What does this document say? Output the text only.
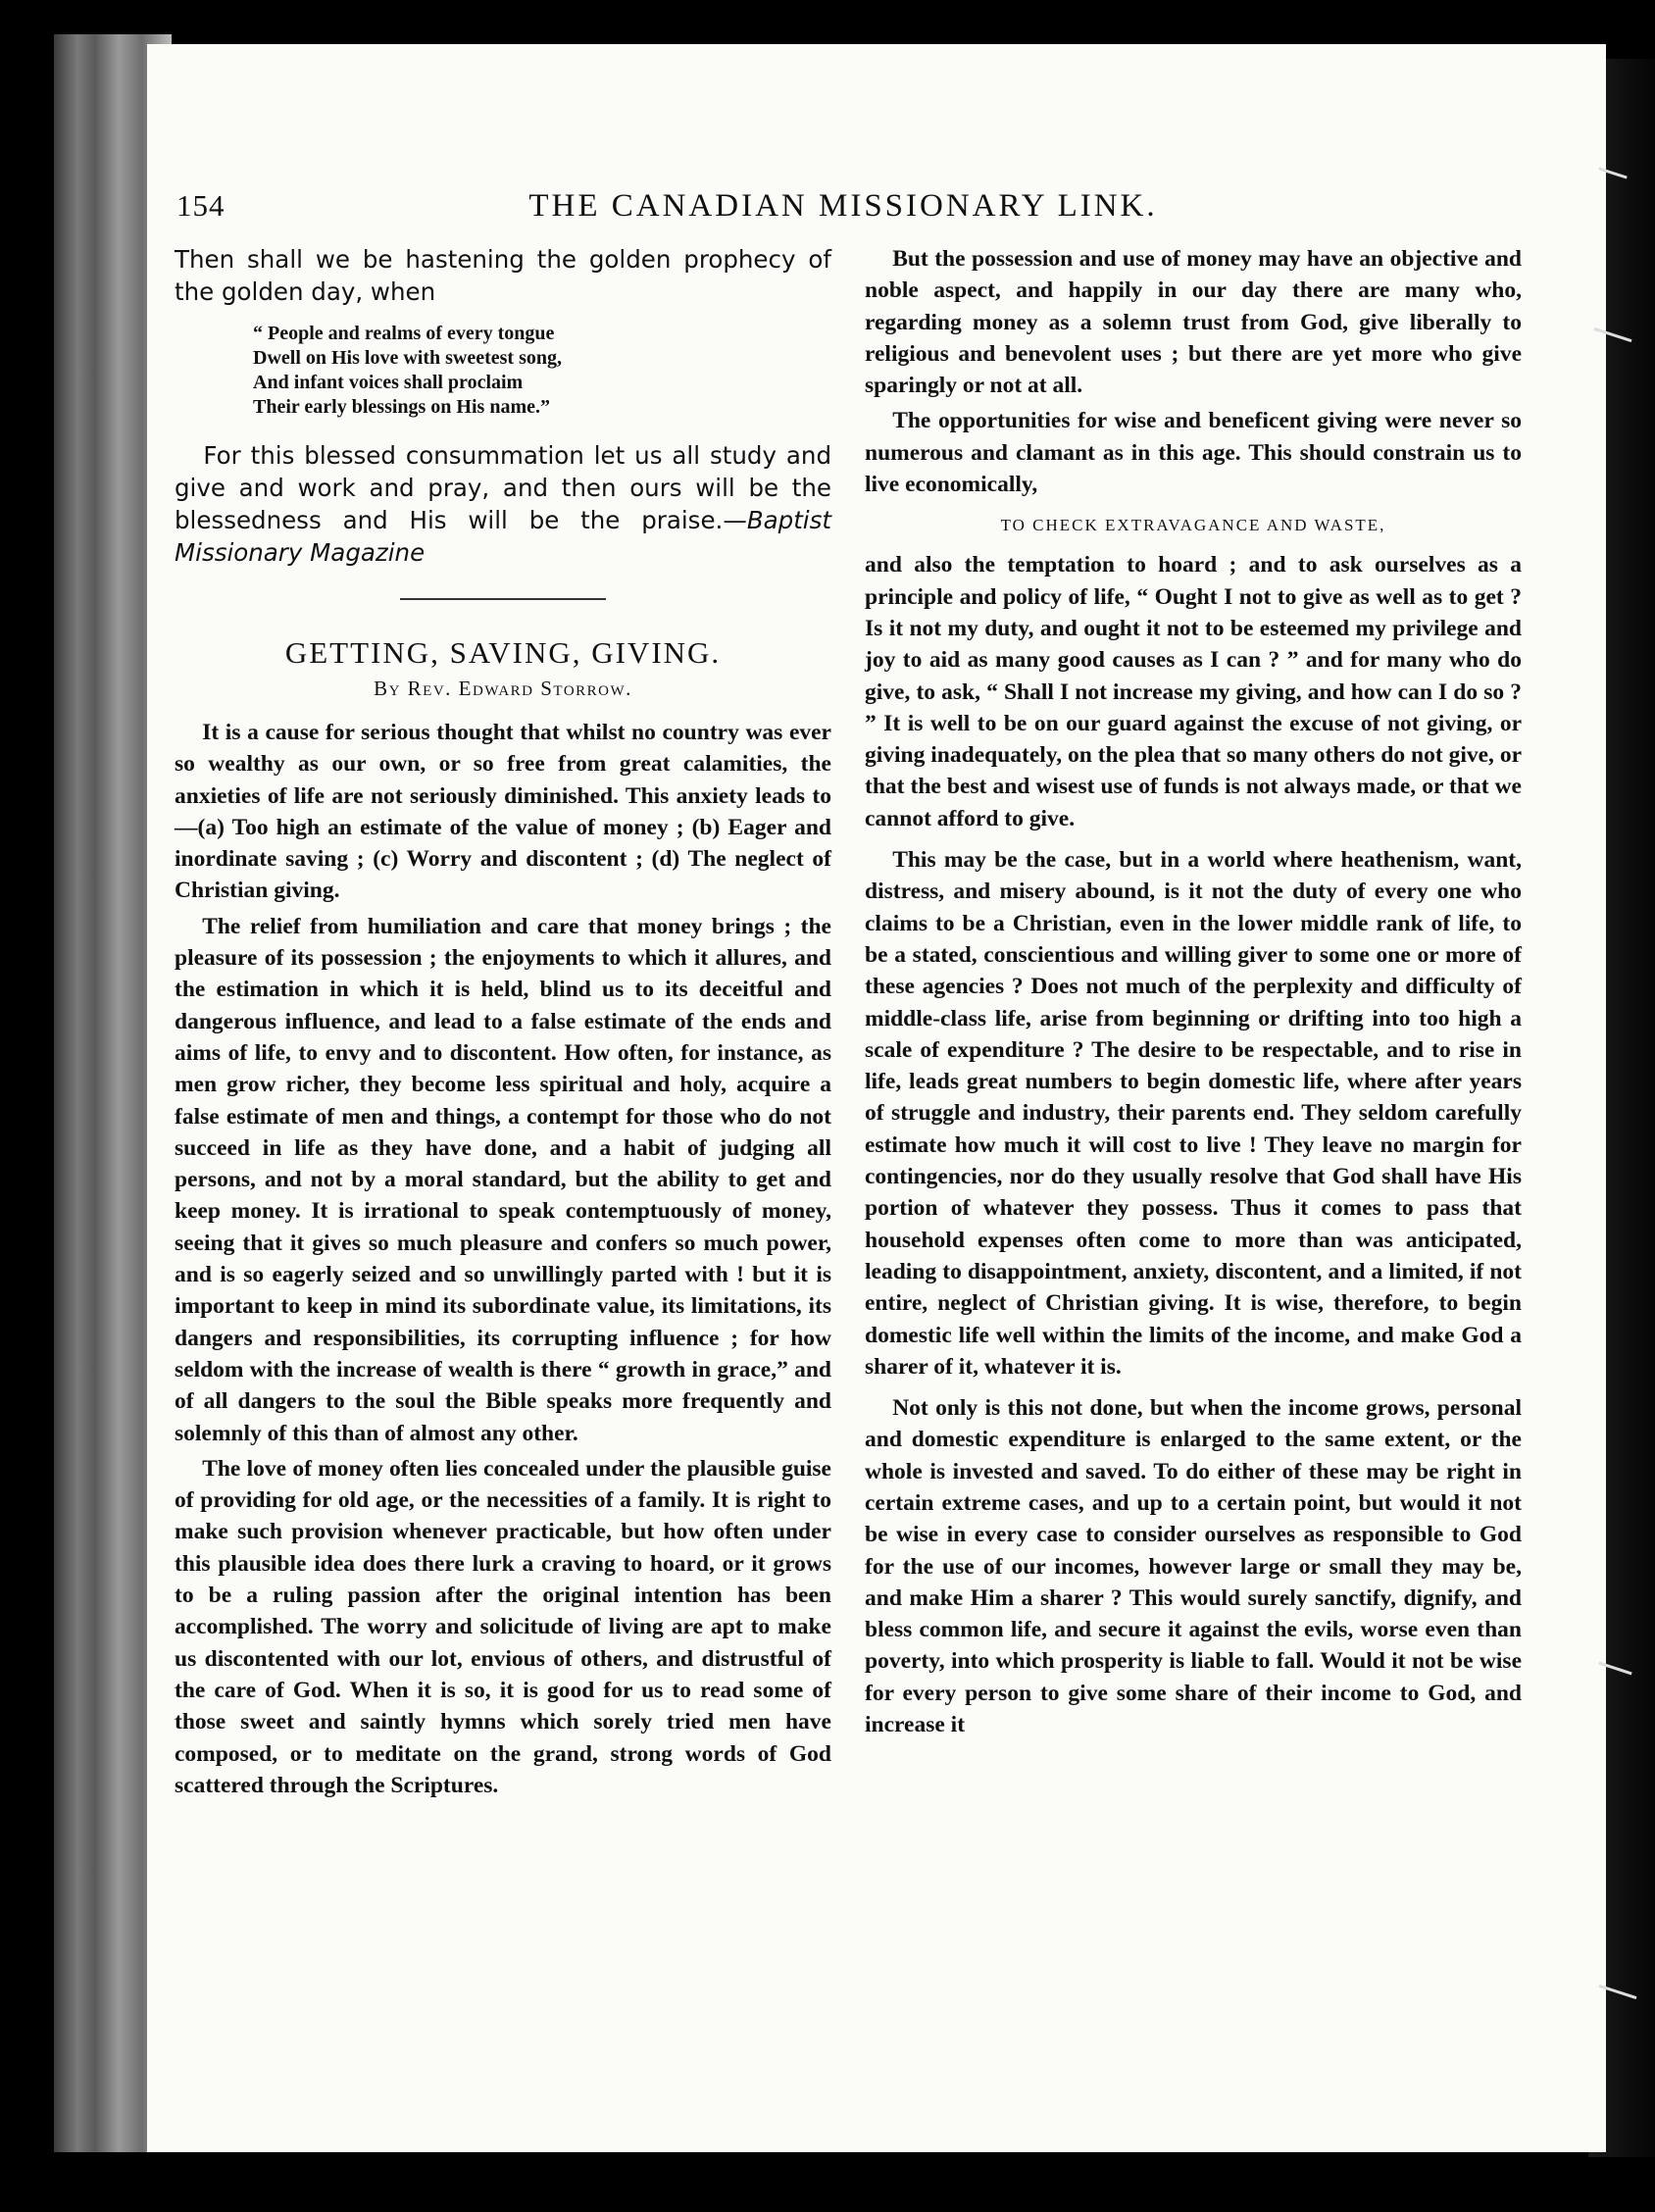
154	THE CANADIAN MISSIONARY LINK.

Then shall we be hastening the golden prophecy of the golden day, when

“ People and realms of every tongue
Dwell on His love with sweetest song,
And infant voices shall proclaim
Their early blessings on His name.”

For this blessed consummation let us all study and give and work and pray, and then ours will be the blessedness and His will be the praise.—Baptist Missionary Magazine

GETTING, SAVING, GIVING.
By Rev. Edward Storrow.

It is a cause for serious thought that whilst no country was ever so wealthy as our own, or so free from great calamities, the anxieties of life are not seriously diminished. This anxiety leads to—(a) Too high an estimate of the value of money ; (b) Eager and inordinate saving ; (c) Worry and discontent ; (d) The neglect of Christian giving.

The relief from humiliation and care that money brings ; the pleasure of its possession ; the enjoyments to which it allures, and the estimation in which it is held, blind us to its deceitful and dangerous influence, and lead to a false estimate of the ends and aims of life, to envy and to discontent. How often, for instance, as men grow richer, they become less spiritual and holy, acquire a false estimate of men and things, a contempt for those who do not succeed in life as they have done, and a habit of judging all persons, and not by a moral standard, but the ability to get and keep money. It is irrational to speak contemptuously of money, seeing that it gives so much pleasure and confers so much power, and is so eagerly seized and so unwillingly parted with ! but it is important to keep in mind its subordinate value, its limitations, its dangers and responsibilities, its corrupting influence ; for how seldom with the increase of wealth is there “ growth in grace,” and of all dangers to the soul the Bible speaks more frequently and solemnly of this than of almost any other.

The love of money often lies concealed under the plausible guise of providing for old age, or the necessities of a family. It is right to make such provision whenever practicable, but how often under this plausible idea does there lurk a craving to hoard, or it grows to be a ruling passion after the original intention has been accomplished. The worry and solicitude of living are apt to make us discontented with our lot, envious of others, and distrustful of the care of God. When it is so, it is good for us to read some of those sweet and saintly hymns which sorely tried men have composed, or to meditate on the grand, strong words of God scattered through the Scriptures.

But the possession and use of money may have an objective and noble aspect, and happily in our day there are many who, regarding money as a solemn trust from God, give liberally to religious and benevolent uses ; but there are yet more who give sparingly or not at all.

The opportunities for wise and beneficent giving were never so numerous and clamant as in this age. This should constrain us to live economically,

TO CHECK EXTRAVAGANCE AND WASTE,

and also the temptation to hoard ; and to ask ourselves as a principle and policy of life, “ Ought I not to give as well as to get ? Is it not my duty, and ought it not to be esteemed my privilege and joy to aid as many good causes as I can ? ” and for many who do give, to ask, “ Shall I not increase my giving, and how can I do so ? ” It is well to be on our guard against the excuse of not giving, or giving inadequately, on the plea that so many others do not give, or that the best and wisest use of funds is not always made, or that we cannot afford to give.

This may be the case, but in a world where heathenism, want, distress, and misery abound, is it not the duty of every one who claims to be a Christian, even in the lower middle rank of life, to be a stated, conscientious and willing giver to some one or more of these agencies ? Does not much of the perplexity and difficulty of middle-class life, arise from beginning or drifting into too high a scale of expenditure ? The desire to be respectable, and to rise in life, leads great numbers to begin domestic life, where after years of struggle and industry, their parents end. They seldom carefully estimate how much it will cost to live ! They leave no margin for contingencies, nor do they usually resolve that God shall have His portion of whatever they possess. Thus it comes to pass that household expenses often come to more than was anticipated, leading to disappointment, anxiety, discontent, and a limited, if not entire, neglect of Christian giving. It is wise, therefore, to begin domestic life well within the limits of the income, and make God a sharer of it, whatever it is.

Not only is this not done, but when the income grows, personal and domestic expenditure is enlarged to the same extent, or the whole is invested and saved. To do either of these may be right in certain extreme cases, and up to a certain point, but would it not be wise in every case to consider ourselves as responsible to God for the use of our incomes, however large or small they may be, and make Him a sharer ? This would surely sanctify, dignify, and bless common life, and secure it against the evils, worse even than poverty, into which prosperity is liable to fall. Would it not be wise for every person to give some share of their income to God, and increase it
